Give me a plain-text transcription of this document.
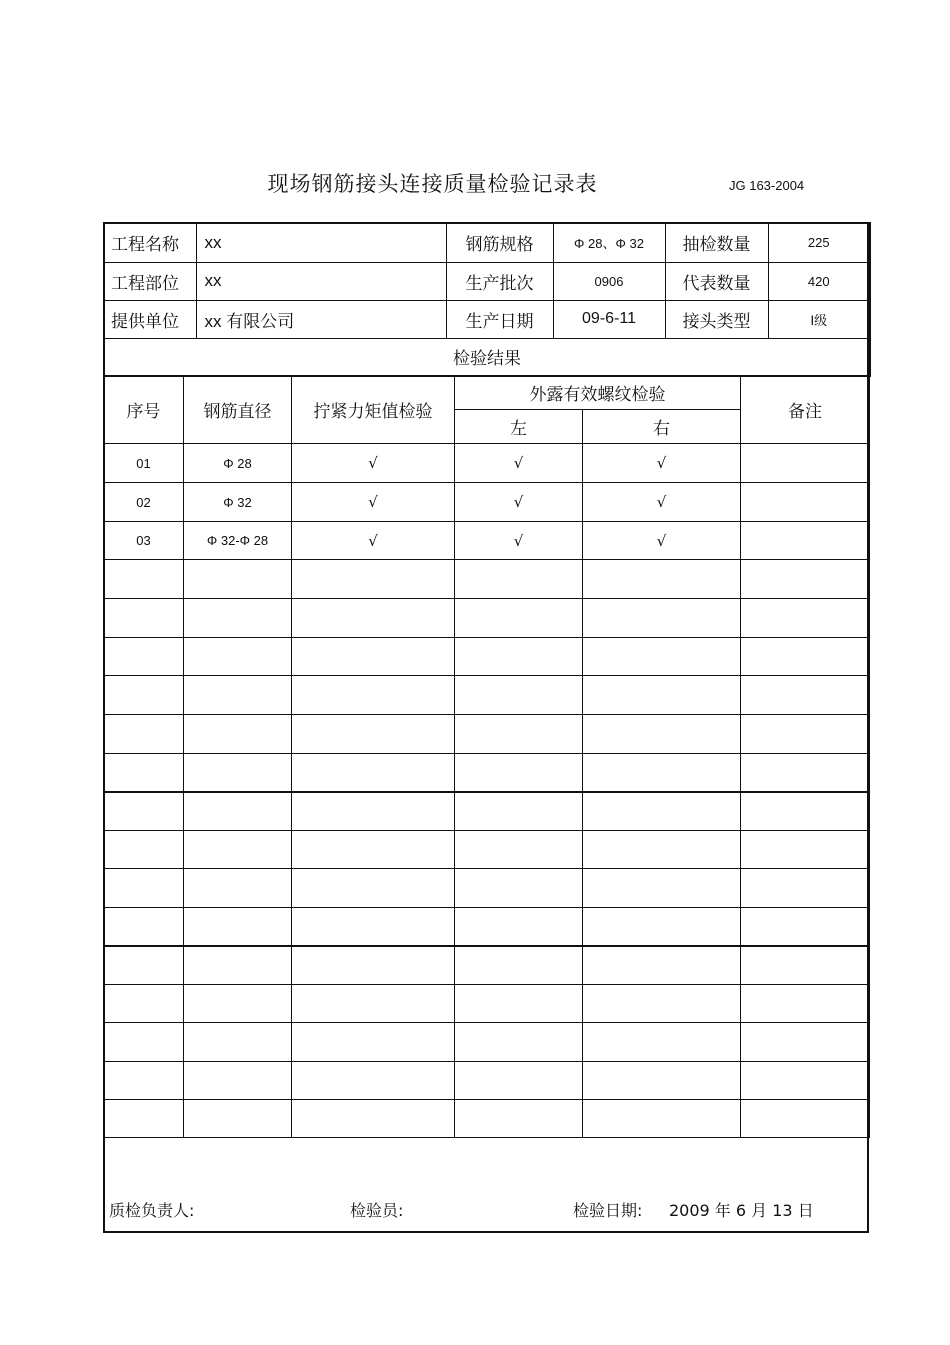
现场钢筋接头连接质量检验记录表	JG 163-2004
工程名称	xx	钢筋规格	Φ 28、Φ 32	抽检数量	225
工程部位	xx	生产批次	0906	代表数量	420
提供单位	xx 有限公司	生产日期	09-6-11	接头类型	Ⅰ级
检验结果					
序号	钢筋直径	拧紧力矩值检验	外露有效螺纹检验		备注
			左	右	
01	Φ 28	√	√	√	
02	Φ 32	√	√	√	
03	Φ 32-Φ 28	√	√	√	

质检负责人:	检验员:	检验日期: 2009 年 6 月 13 日
